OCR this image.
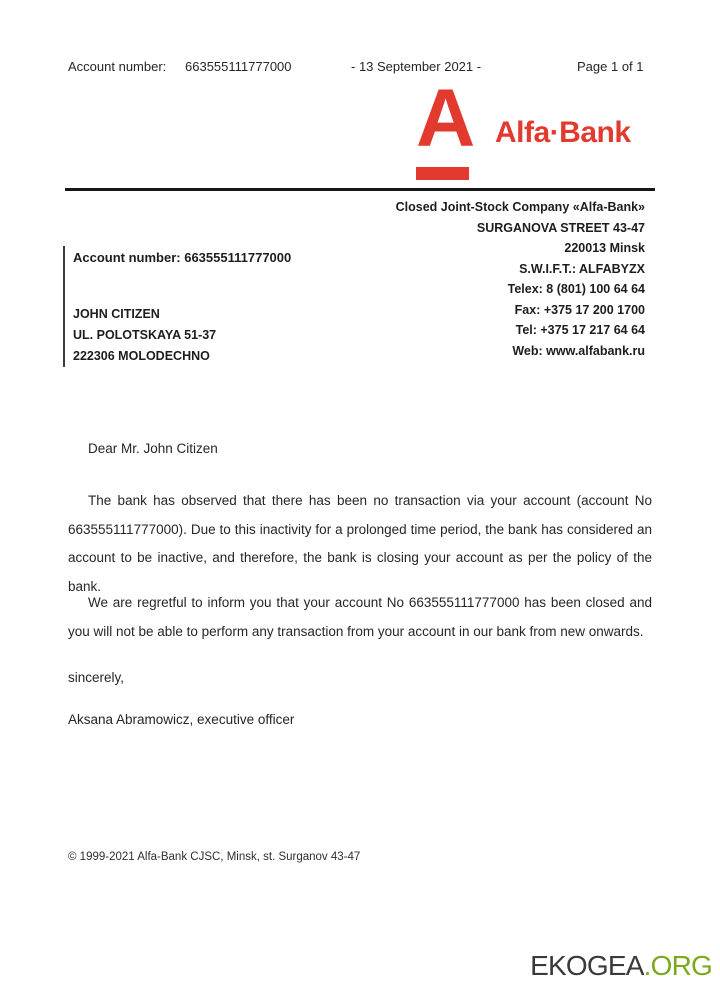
Account number: 663555111777000	- 13 September 2021 -	Page 1 of 1
A Alfa·Bank
Closed Joint-Stock Company «Alfa-Bank»
SURGANOVA STREET 43-47
220013 Minsk
S.W.I.F.T.: ALFABYZX
Telex: 8 (801) 100 64 64
Fax: +375 17 200 1700
Tel: +375 17 217 64 64
Web: www.alfabank.ru
Account number: 663555111777000
JOHN CITIZEN
UL. POLOTSKAYA 51-37
222306 MOLODECHNO
Dear Mr. John Citizen
The bank has observed that there has been no transaction via your account (account No 663555111777000). Due to this inactivity for a prolonged time period, the bank has considered an account to be inactive, and therefore, the bank is closing your account as per the policy of the bank.
We are regretful to inform you that your account No 663555111777000 has been closed and you will not be able to perform any transaction from your account in our bank from new onwards.
sincerely,
Aksana Abramowicz, executive officer
© 1999-2021 Alfa-Bank CJSC, Minsk, st. Surganov 43-47
EKOGEA.ORG
